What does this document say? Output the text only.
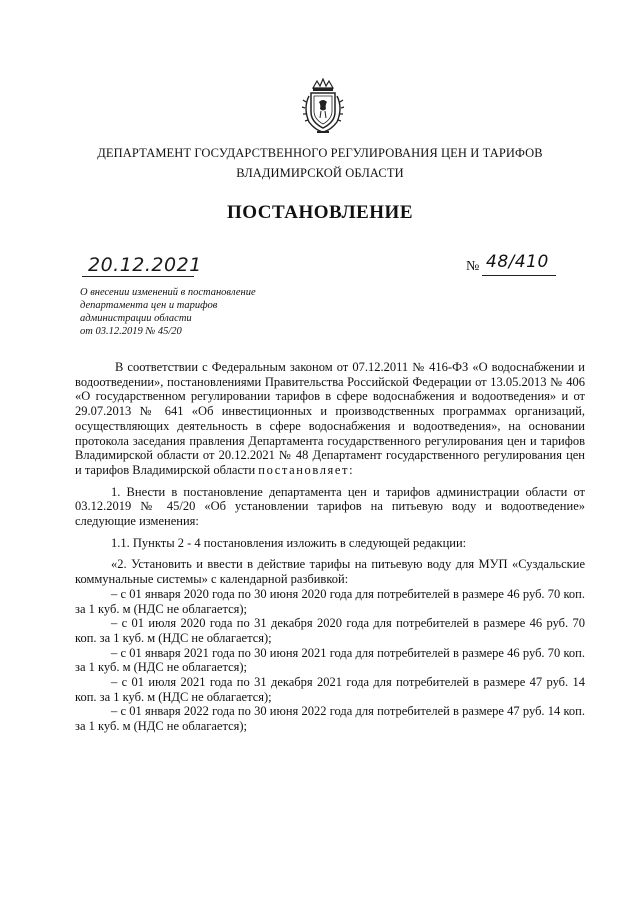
ДЕПАРТАМЕНТ ГОСУДАРСТВЕННОГО РЕГУЛИРОВАНИЯ ЦЕН И ТАРИФОВ
ВЛАДИМИРСКОЙ ОБЛАСТИ
ПОСТАНОВЛЕНИЕ
20.12.2021	№ 48/410
О внесении изменений в постановление
департамента цен и тарифов
администрации области
от 03.12.2019 № 45/20

В соответствии с Федеральным законом от 07.12.2011 № 416-ФЗ «О водоснабжении и водоотведении», постановлениями Правительства Российской Федерации от 13.05.2013 № 406 «О государственном регулировании тарифов в сфере водоснабжения и водоотведения» и от 29.07.2013 № 641 «Об инвестиционных и производственных программах организаций, осуществляющих деятельность в сфере водоснабжения и водоотведения», на основании протокола заседания правления Департамента государственного регулирования цен и тарифов Владимирской области от 20.12.2021 № 48 Департамент государственного регулирования цен и тарифов Владимирской области постановляет:

1. Внести в постановление департамента цен и тарифов администрации области от 03.12.2019 № 45/20 «Об установлении тарифов на питьевую воду и водоотведение» следующие изменения:

1.1. Пункты 2 - 4 постановления изложить в следующей редакции:

«2. Установить и ввести в действие тарифы на питьевую воду для МУП «Суздальские коммунальные системы» с календарной разбивкой:

– с 01 января 2020 года по 30 июня 2020 года для потребителей в размере 46 руб. 70 коп. за 1 куб. м (НДС не облагается);

– с 01 июля 2020 года по 31 декабря 2020 года для потребителей в размере 46 руб. 70 коп. за 1 куб. м (НДС не облагается);

– с 01 января 2021 года по 30 июня 2021 года для потребителей в размере 46 руб. 70 коп. за 1 куб. м (НДС не облагается);

– с 01 июля 2021 года по 31 декабря 2021 года для потребителей в размере 47 руб. 14 коп. за 1 куб. м (НДС не облагается);

– с 01 января 2022 года по 30 июня 2022 года для потребителей в размере 47 руб. 14 коп. за 1 куб. м (НДС не облагается);
